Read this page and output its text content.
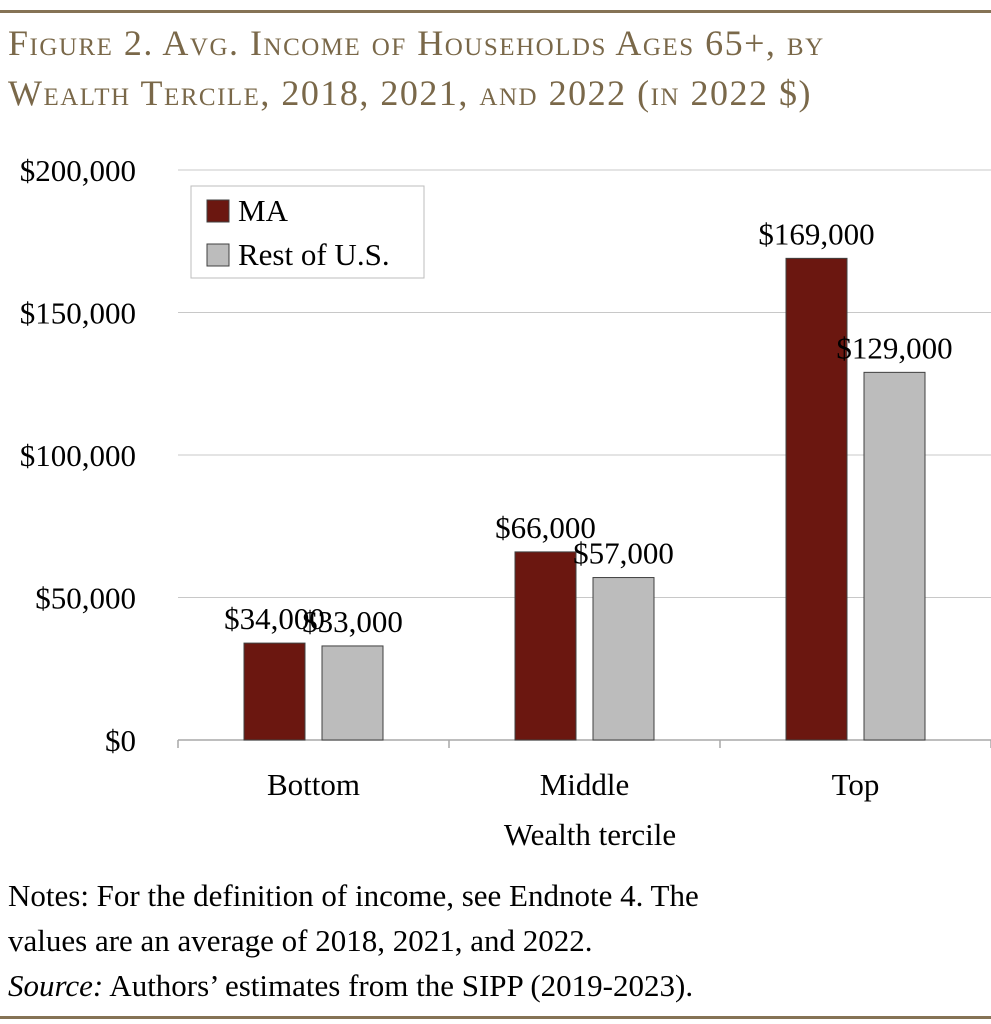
Figure 2. Avg. Income of Households Ages 65+, by
Wealth Tercile, 2018, 2021, and 2022 (in 2022 $)
$34,000
$33,000
$66,000
$57,000
$169,000
$129,000
$0
$50,000
$100,000
$150,000
$200,000
Bottom	Middle	Top
Wealth tercile
MA
Rest of U.S.
Notes: For the definition of income, see Endnote 4. The
values are an average of 2018, 2021, and 2022.
Source: Authors’ estimates from the SIPP (2019-2023).
